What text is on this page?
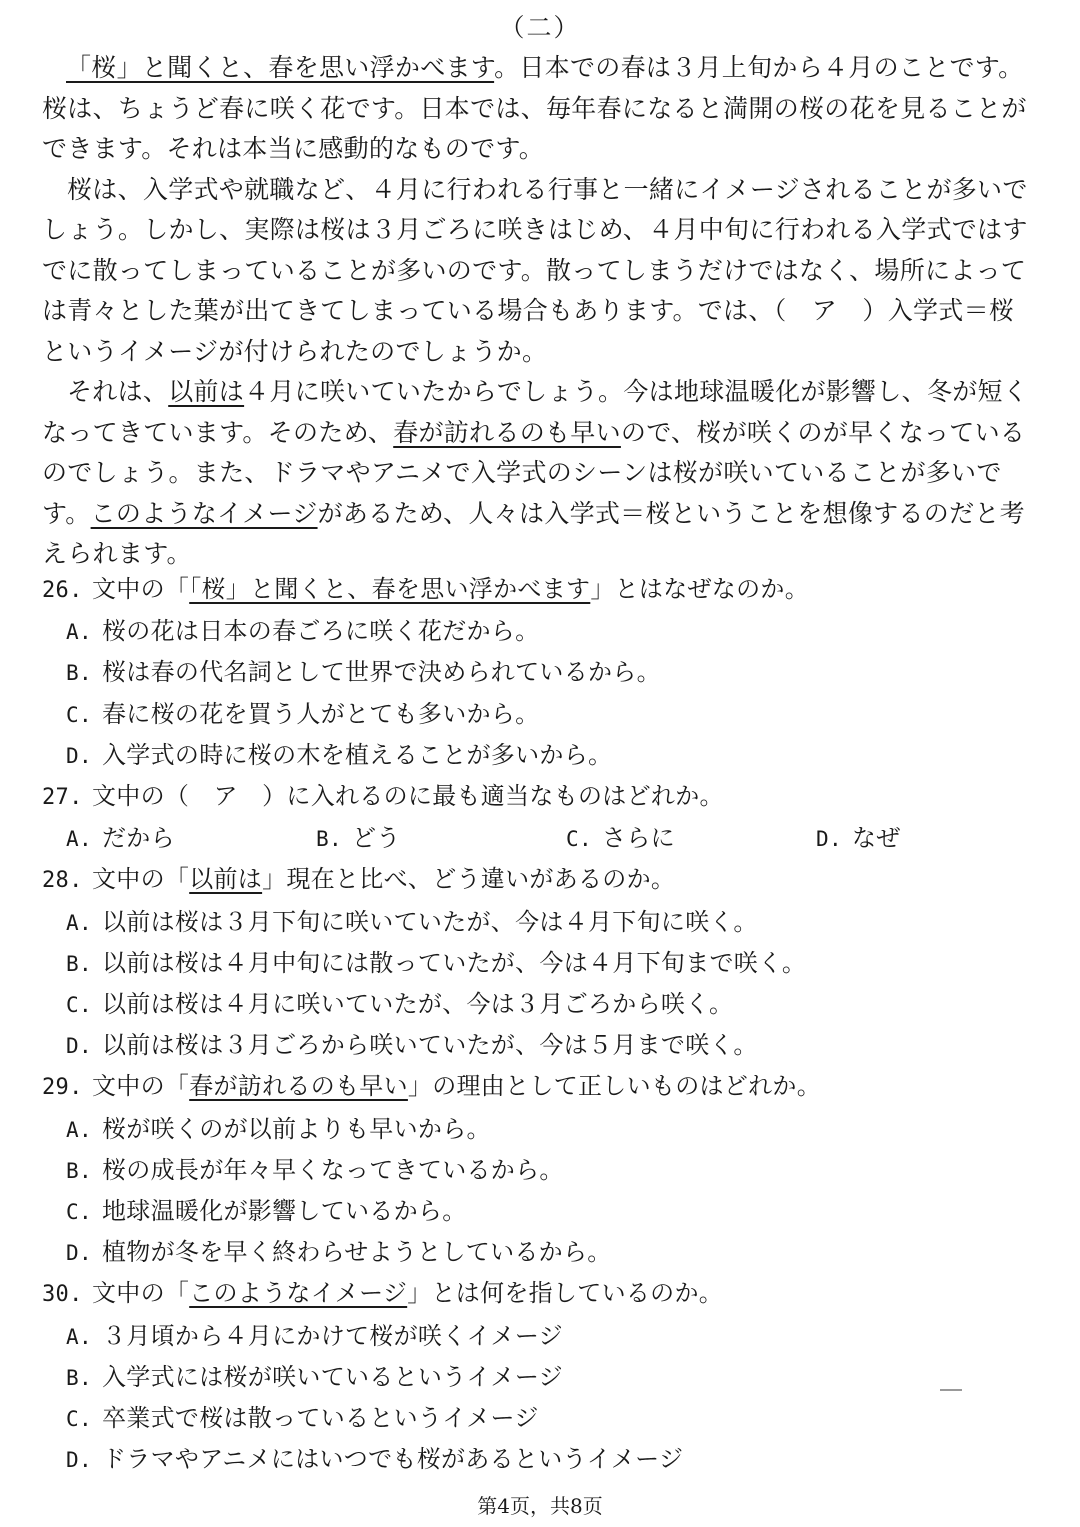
（二）

「桜」と聞くと、春を思い浮かべます。日本での春は３月上旬から４月のことです。桜は、ちょうど春に咲く花です。日本では、毎年春になると満開の桜の花を見ることができます。それは本当に感動的なものです。

桜は、入学式や就職など、４月に行われる行事と一緒にイメージされることが多いでしょう。しかし、実際は桜は３月ごろに咲きはじめ、４月中旬に行われる入学式ではすでに散ってしまっていることが多いのです。散ってしまうだけではなく、場所によっては青々とした葉が出てきてしまっている場合もあります。では、（　ア　）入学式＝桜というイメージが付けられたのでしょうか。

それは、以前は４月に咲いていたからでしょう。今は地球温暖化が影響し、冬が短くなってきています。そのため、春が訪れるのも早いので、桜が咲くのが早くなっているのでしょう。また、ドラマやアニメで入学式のシーンは桜が咲いていることが多いです。このようなイメージがあるため、人々は入学式＝桜ということを想像するのだと考えられます。

26. 文中の「「桜」と聞くと、春を思い浮かべます」とはなぜなのか。
A. 桜の花は日本の春ごろに咲く花だから。
B. 桜は春の代名詞として世界で決められているから。
C. 春に桜の花を買う人がとても多いから。
D. 入学式の時に桜の木を植えることが多いから。
27. 文中の（　ア　）に入れるのに最も適当なものはどれか。
A. だから	B. どう	C. さらに	D. なぜ
28. 文中の「以前は」現在と比べ、どう違いがあるのか。
A. 以前は桜は３月下旬に咲いていたが、今は４月下旬に咲く。
B. 以前は桜は４月中旬には散っていたが、今は４月下旬まで咲く。
C. 以前は桜は４月に咲いていたが、今は３月ごろから咲く。
D. 以前は桜は３月ごろから咲いていたが、今は５月まで咲く。
29. 文中の「春が訪れるのも早い」の理由として正しいものはどれか。
A. 桜が咲くのが以前よりも早いから。
B. 桜の成長が年々早くなってきているから。
C. 地球温暖化が影響しているから。
D. 植物が冬を早く終わらせようとしているから。
30. 文中の「このようなイメージ」とは何を指しているのか。
A. ３月頃から４月にかけて桜が咲くイメージ
B. 入学式には桜が咲いているというイメージ
C. 卒業式で桜は散っているというイメージ
D. ドラマやアニメにはいつでも桜があるというイメージ
第4页，共8页
